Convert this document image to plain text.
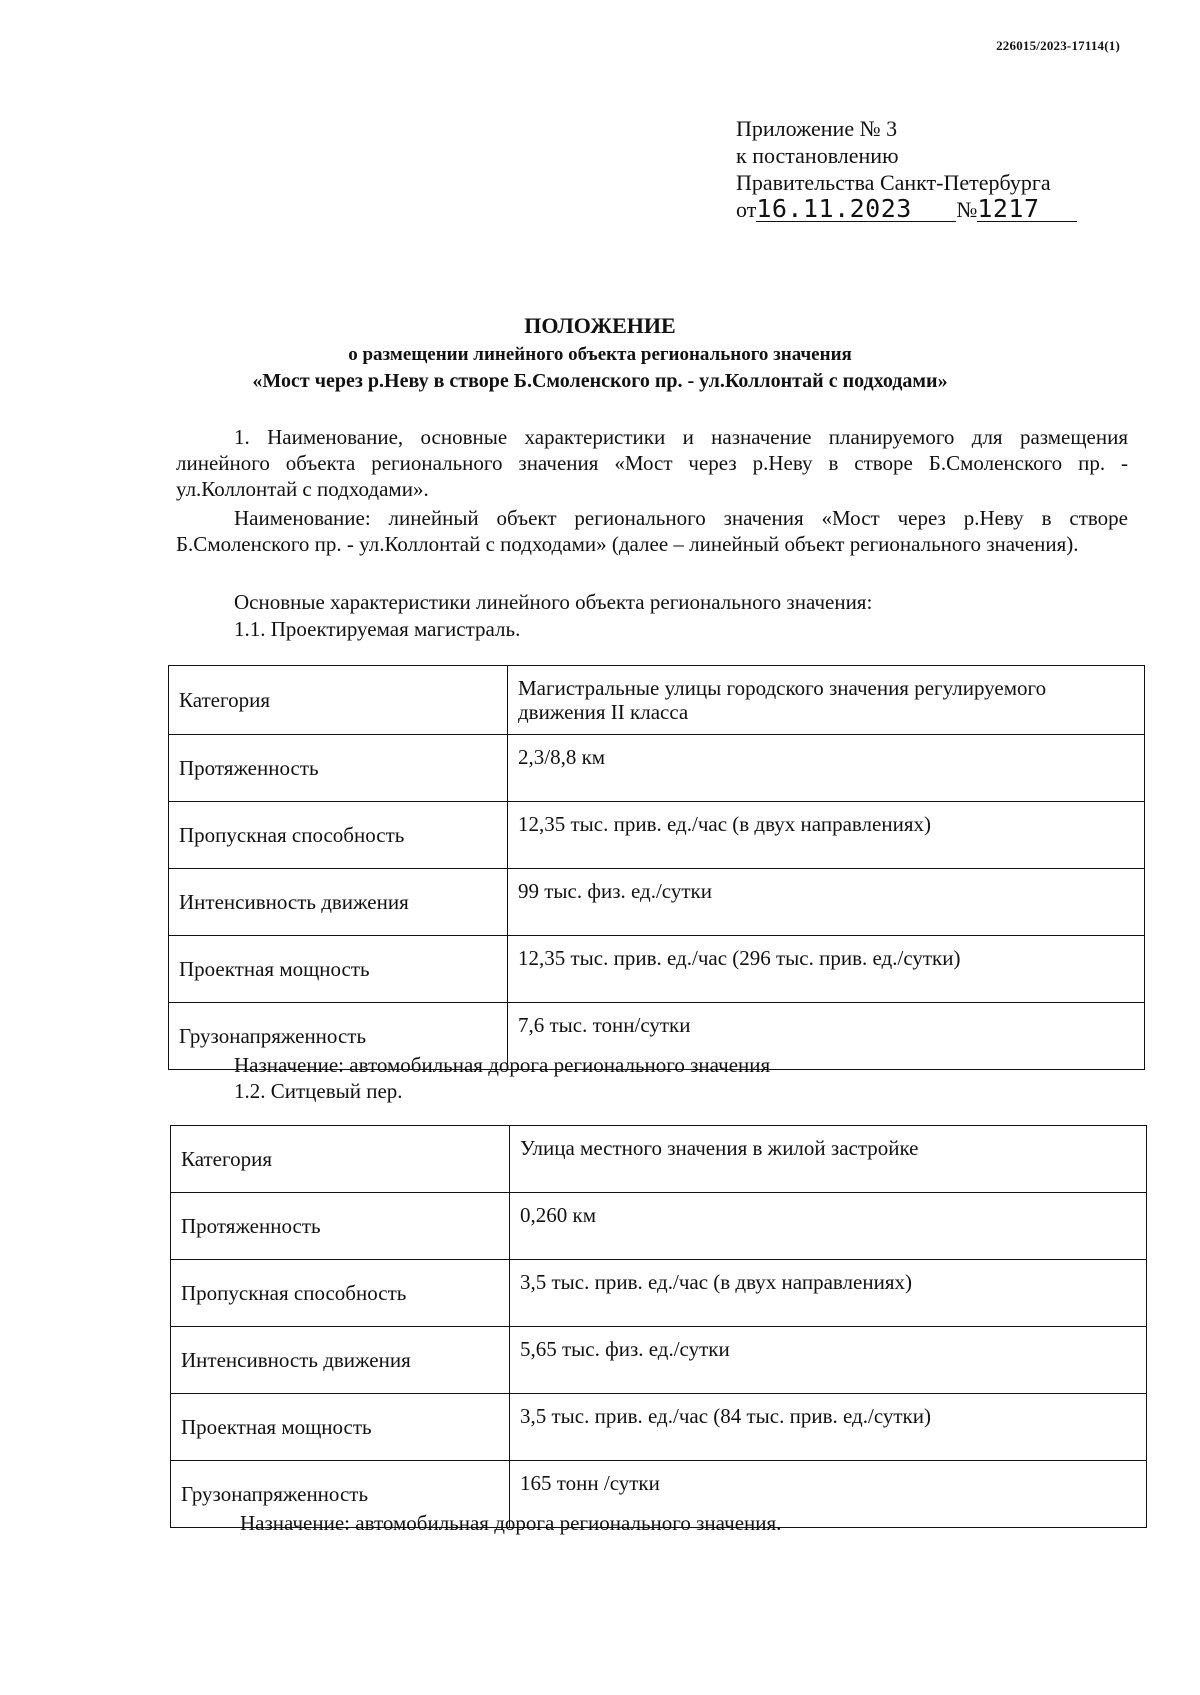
226015/2023-17114(1)
Приложение № 3
к постановлению
Правительства Санкт-Петербурга
от16.11.2023 №1217
ПОЛОЖЕНИЕ
о размещении линейного объекта регионального значения
«Мост через р.Неву в створе Б.Смоленского пр. - ул.Коллонтай с подходами»
1. Наименование, основные характеристики и назначение планируемого для размещения линейного объекта регионального значения «Мост через р.Неву в створе Б.Смоленского пр. - ул.Коллонтай с подходами».
Наименование: линейный объект регионального значения «Мост через р.Неву в створе Б.Смоленского пр. - ул.Коллонтай с подходами» (далее – линейный объект регионального значения).
Основные характеристики линейного объекта регионального значения:
1.1. Проектируемая магистраль.
Категория	Магистральные улицы городского значения регулируемого движения II класса
Протяженность	2,3/8,8 км
Пропускная способность	12,35 тыс. прив. ед./час (в двух направлениях)
Интенсивность движения	99 тыс. физ. ед./сутки
Проектная мощность	12,35 тыс. прив. ед./час (296 тыс. прив. ед./сутки)
Грузонапряженность	7,6 тыс. тонн/сутки
Назначение: автомобильная дорога регионального значения
1.2. Ситцевый пер.
Категория	Улица местного значения в жилой застройке
Протяженность	0,260 км
Пропускная способность	3,5 тыс. прив. ед./час (в двух направлениях)
Интенсивность движения	5,65 тыс. физ. ед./сутки
Проектная мощность	3,5 тыс. прив. ед./час (84 тыс. прив. ед./сутки)
Грузонапряженность	165 тонн /сутки
Назначение: автомобильная дорога регионального значения.
